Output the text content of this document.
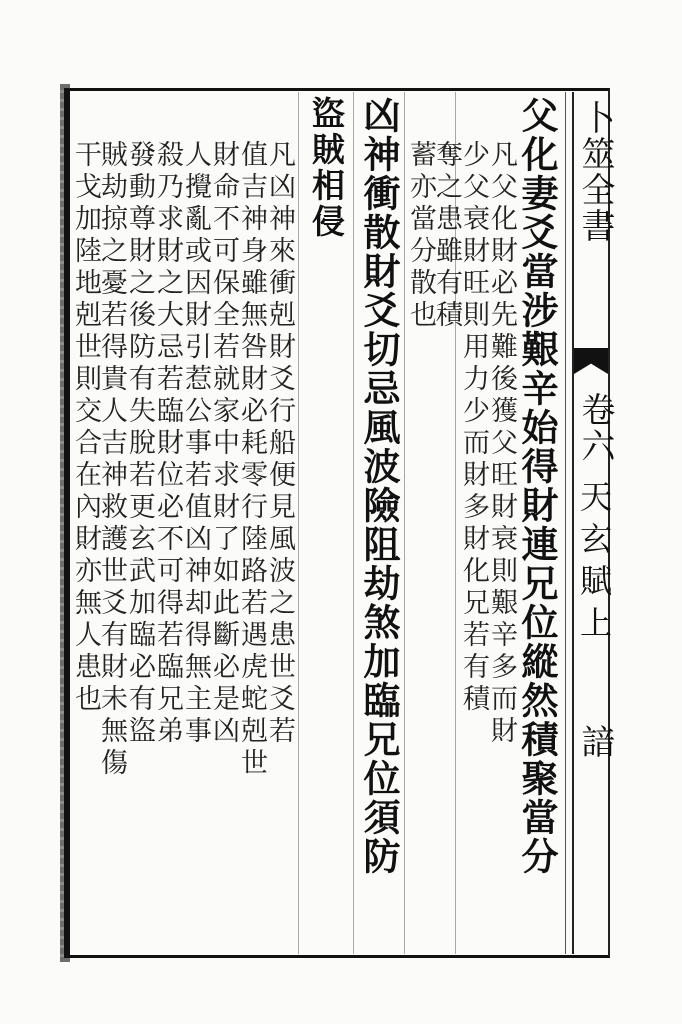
卜筮全書
卷六
天玄賦上
諳
父化妻爻當涉艱辛始得財連兄位縱然積聚當分
凡父化財必先難後獲父旺財衰則艱辛多而財
少父衰財旺則用力少而財多財化兄若有積
奪之患雖有積
蓄亦當分散也
凶神衝散財爻切忌風波險阻劫煞加臨兄位須防
盜賊相侵
凡凶神來衝剋財爻行船便見風波之患世爻若
值吉神身雖無咎財必耗零行陸路若遇虎蛇剋世
財命不可保全若就家中求財了如此斷必是凶
人攪亂或因財引惹公事若值凶神却得無主事
殺乃求財之大忌若臨財位必不可得若臨兄弟
發動尊財之後防有失脫若更玄武加臨必有盜
賊劫掠之憂若得貴人吉神救護世爻有財未無傷
干戈加陸地剋世則交合在內財亦無人患也
